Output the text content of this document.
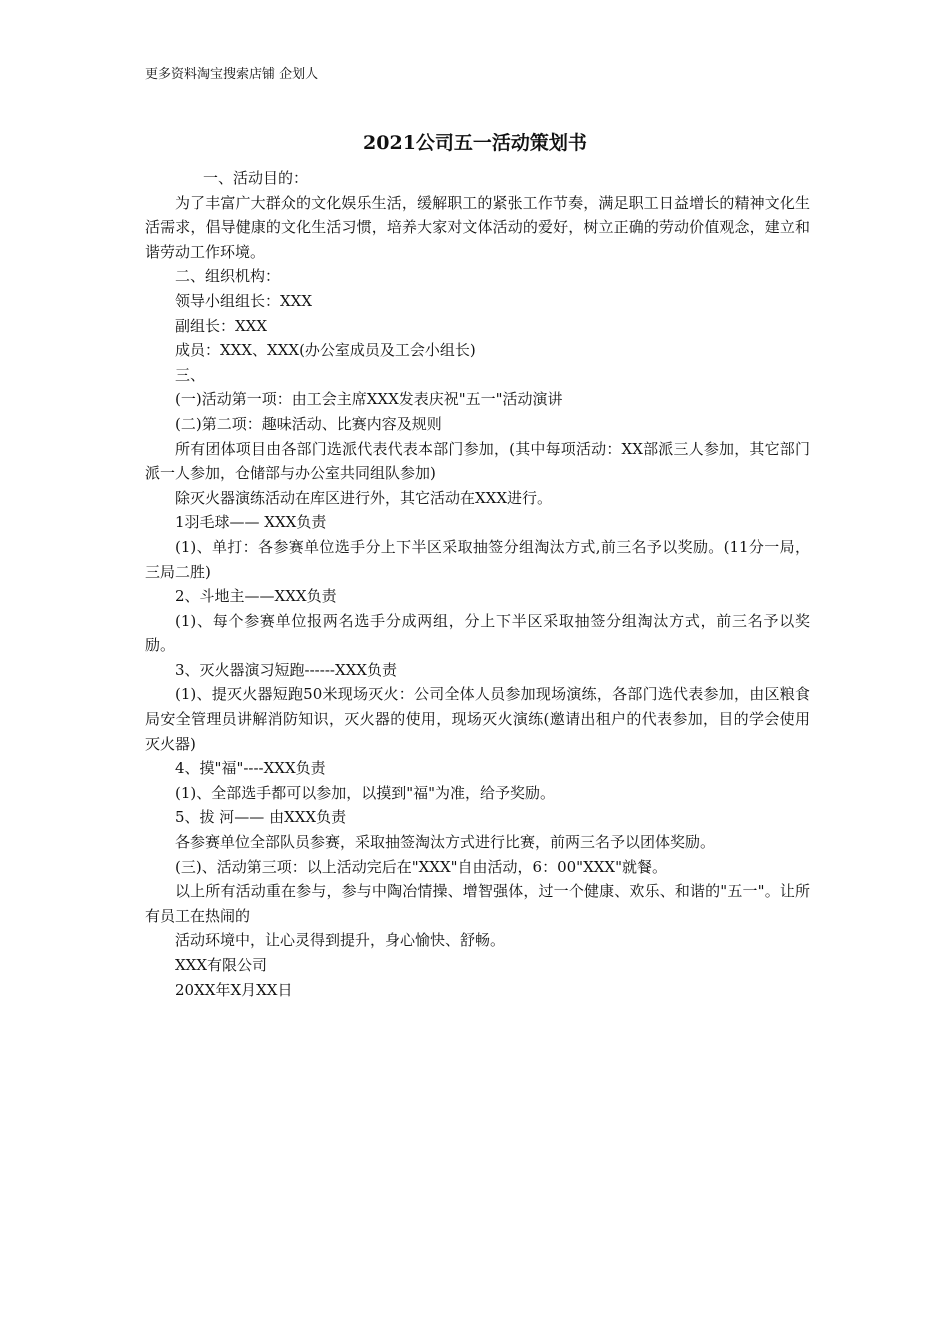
更多资料淘宝搜索店铺 企划人
2021公司五一活动策划书

一、活动目的：

为了丰富广大群众的文化娱乐生活，缓解职工的紧张工作节奏，满足职工日益增长的精神文化生活需求，倡导健康的文化生活习惯，培养大家对文体活动的爱好，树立正确的劳动价值观念，建立和谐劳动工作环境。

二、组织机构：

领导小组组长：XXX

副组长：XXX

成员：XXX、XXX(办公室成员及工会小组长)

三、

(一)活动第一项：由工会主席XXX发表庆祝"五一"活动演讲

(二)第二项：趣味活动、比赛内容及规则

所有团体项目由各部门选派代表代表本部门参加，(其中每项活动：XX部派三人参加，其它部门派一人参加，仓储部与办公室共同组队参加)

除灭火器演练活动在库区进行外，其它活动在XXX进行。

1羽毛球—— XXX负责

(1)、单打：各参赛单位选手分上下半区采取抽签分组淘汰方式,前三名予以奖励。(11分一局，三局二胜)

2、斗地主——XXX负责

(1)、每个参赛单位报两名选手分成两组，分上下半区采取抽签分组淘汰方式，前三名予以奖励。

3、灭火器演习短跑------XXX负责

(1)、提灭火器短跑50米现场灭火：公司全体人员参加现场演练，各部门选代表参加，由区粮食局安全管理员讲解消防知识，灭火器的使用，现场灭火演练(邀请出租户的代表参加，目的学会使用灭火器)

4、摸"福"----XXX负责

(1)、全部选手都可以参加，以摸到"福"为准，给予奖励。

5、拔 河—— 由XXX负责

各参赛单位全部队员参赛，采取抽签淘汰方式进行比赛，前两三名予以团体奖励。

(三)、活动第三项：以上活动完后在"XXX"自由活动，6：00"XXX"就餐。

以上所有活动重在参与，参与中陶冶情操、增智强体，过一个健康、欢乐、和谐的"五一"。让所有员工在热闹的

活动环境中，让心灵得到提升，身心愉快、舒畅。

XXX有限公司

20XX年X月XX日
